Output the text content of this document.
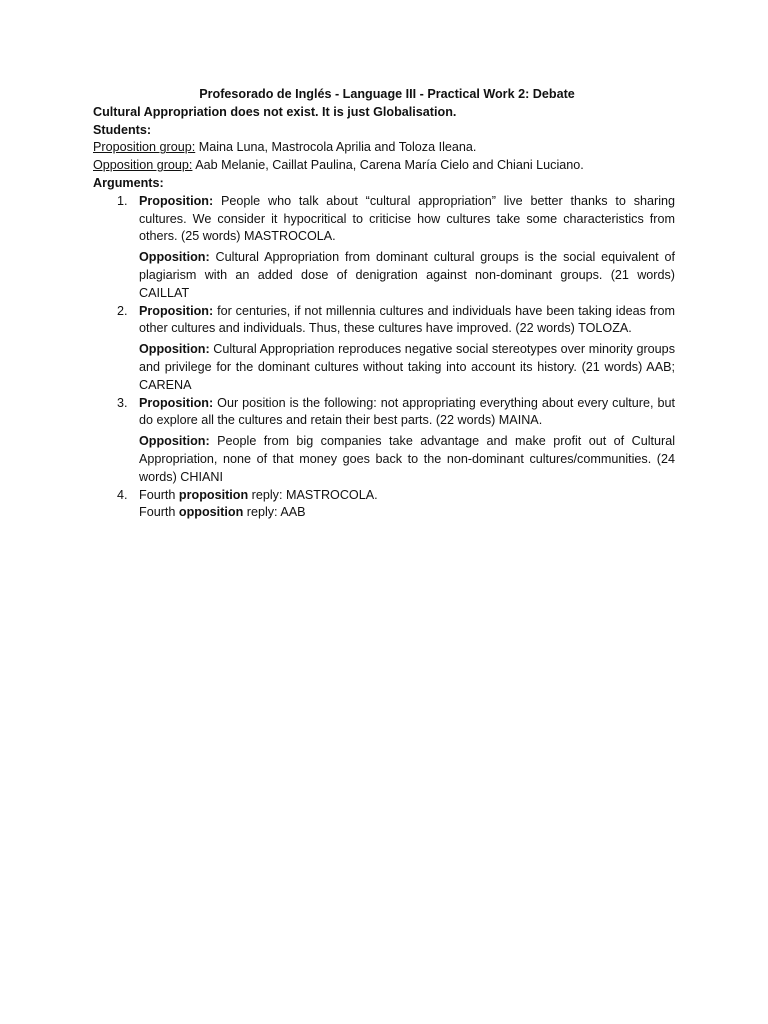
Profesorado de Inglés - Language III - Practical Work 2: Debate

Cultural Appropriation does not exist. It is just Globalisation.

Students:

Proposition group: Maina Luna, Mastrocola Aprilia and Toloza Ileana.

Opposition group: Aab Melanie, Caillat Paulina, Carena María Cielo and Chiani Luciano.

Arguments:

1. Proposition: People who talk about “cultural appropriation” live better thanks to sharing cultures. We consider it hypocritical to criticise how cultures take some characteristics from others. (25 words) MASTROCOLA.

Opposition: Cultural Appropriation from dominant cultural groups is the social equivalent of plagiarism with an added dose of denigration against non-dominant groups. (21 words) CAILLAT

2. Proposition: for centuries, if not millennia cultures and individuals have been taking ideas from other cultures and individuals. Thus, these cultures have improved. (22 words) TOLOZA.

Opposition: Cultural Appropriation reproduces negative social stereotypes over minority groups and privilege for the dominant cultures without taking into account its history. (21 words) AAB; CARENA

3. Proposition: Our position is the following: not appropriating everything about every culture, but do explore all the cultures and retain their best parts. (22 words) MAINA.

Opposition: People from big companies take advantage and make profit out of Cultural Appropriation, none of that money goes back to the non-dominant cultures/communities. (24 words) CHIANI

4. Fourth proposition reply: MASTROCOLA.

Fourth opposition reply: AAB
